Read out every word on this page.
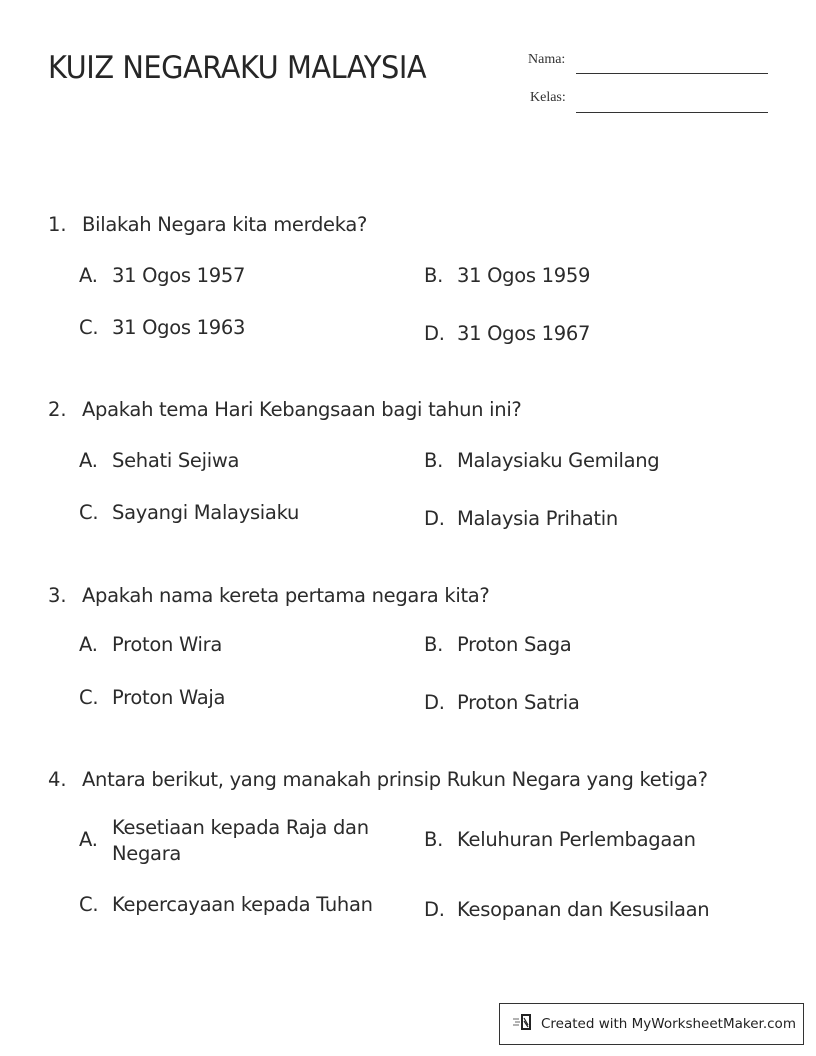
KUIZ NEGARAKU MALAYSIA	Nama:
Kelas:
1. Bilakah Negara kita merdeka?
A. 31 Ogos 1957	B. 31 Ogos 1959
C. 31 Ogos 1963	D. 31 Ogos 1967
2. Apakah tema Hari Kebangsaan bagi tahun ini?
A. Sehati Sejiwa	B. Malaysiaku Gemilang
C. Sayangi Malaysiaku	D. Malaysia Prihatin
3. Apakah nama kereta pertama negara kita?
A. Proton Wira	B. Proton Saga
C. Proton Waja	D. Proton Satria
4. Antara berikut, yang manakah prinsip Rukun Negara yang ketiga?
A.
Kesetiaan kepada Raja dan Negara
B. Keluhuran Perlembagaan
C. Kepercayaan kepada Tuhan	D. Kesopanan dan Kesusilaan
Created with MyWorksheetMaker.com
